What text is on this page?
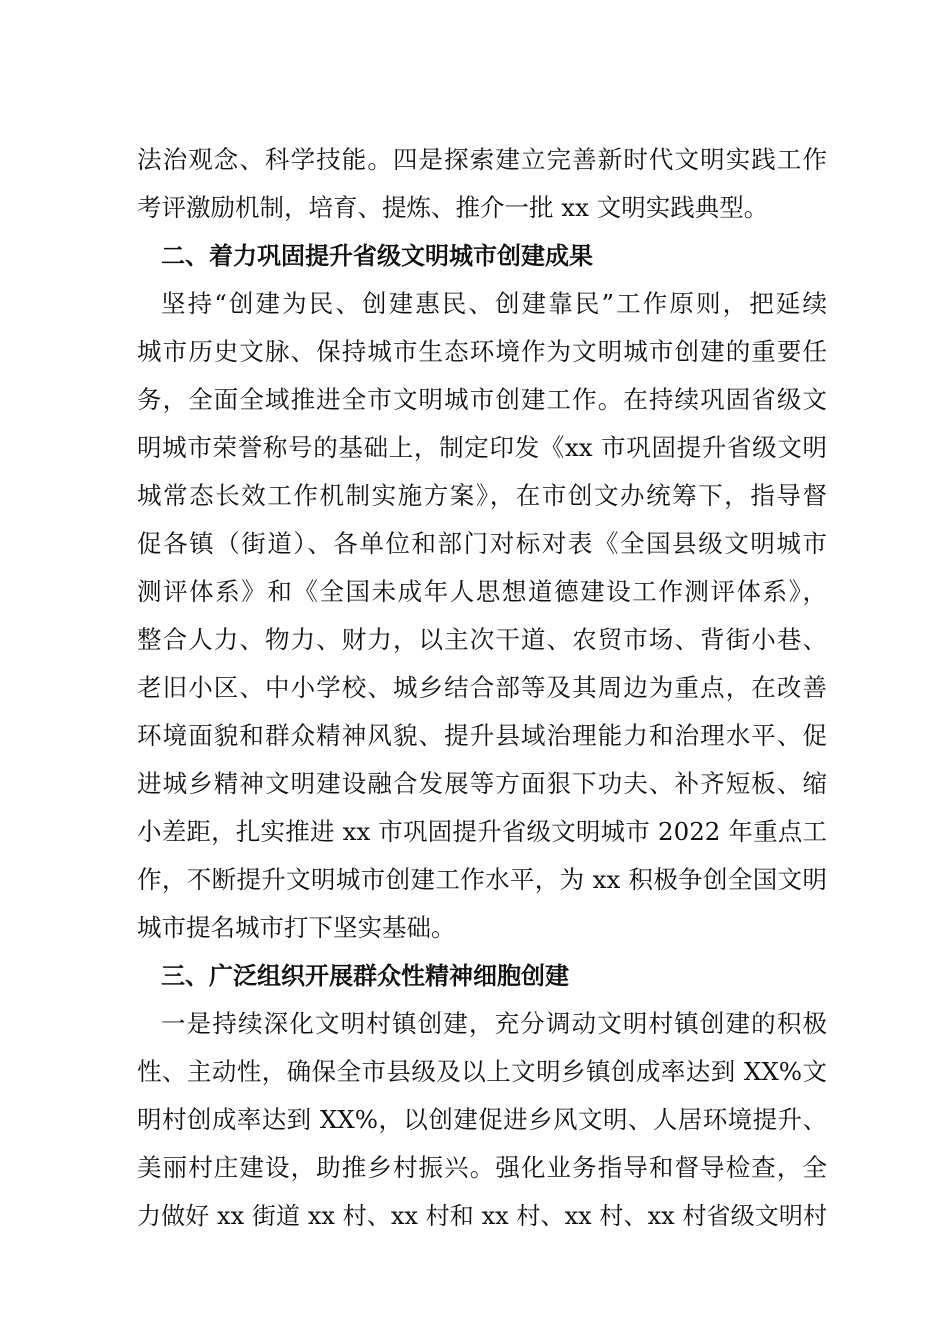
法治观念、科学技能。四是探索建立完善新时代文明实践工作
考评激励机制，培育、提炼、推介一批 xx 文明实践典型。
二、着力巩固提升省级文明城市创建成果
坚持“创建为民、创建惠民、创建靠民”工作原则，把延续
城市历史文脉、保持城市生态环境作为文明城市创建的重要任
务，全面全域推进全市文明城市创建工作。在持续巩固省级文
明城市荣誉称号的基础上，制定印发《xx 市巩固提升省级文明
城常态长效工作机制实施方案》，在市创文办统筹下，指导督
促各镇（街道）、各单位和部门对标对表《全国县级文明城市
测评体系》和《全国未成年人思想道德建设工作测评体系》，
整合人力、物力、财力，以主次干道、农贸市场、背街小巷、
老旧小区、中小学校、城乡结合部等及其周边为重点，在改善
环境面貌和群众精神风貌、提升县域治理能力和治理水平、促
进城乡精神文明建设融合发展等方面狠下功夫、补齐短板、缩
小差距，扎实推进 xx 市巩固提升省级文明城市 2022 年重点工
作，不断提升文明城市创建工作水平，为 xx 积极争创全国文明
城市提名城市打下坚实基础。
三、广泛组织开展群众性精神细胞创建
一是持续深化文明村镇创建，充分调动文明村镇创建的积极
性、主动性，确保全市县级及以上文明乡镇创成率达到 XX%文
明村创成率达到 XX%，以创建促进乡风文明、人居环境提升、
美丽村庄建设，助推乡村振兴。强化业务指导和督导检查，全
力做好 xx 街道 xx 村、xx 村和 xx 村、xx 村、xx 村省级文明村
